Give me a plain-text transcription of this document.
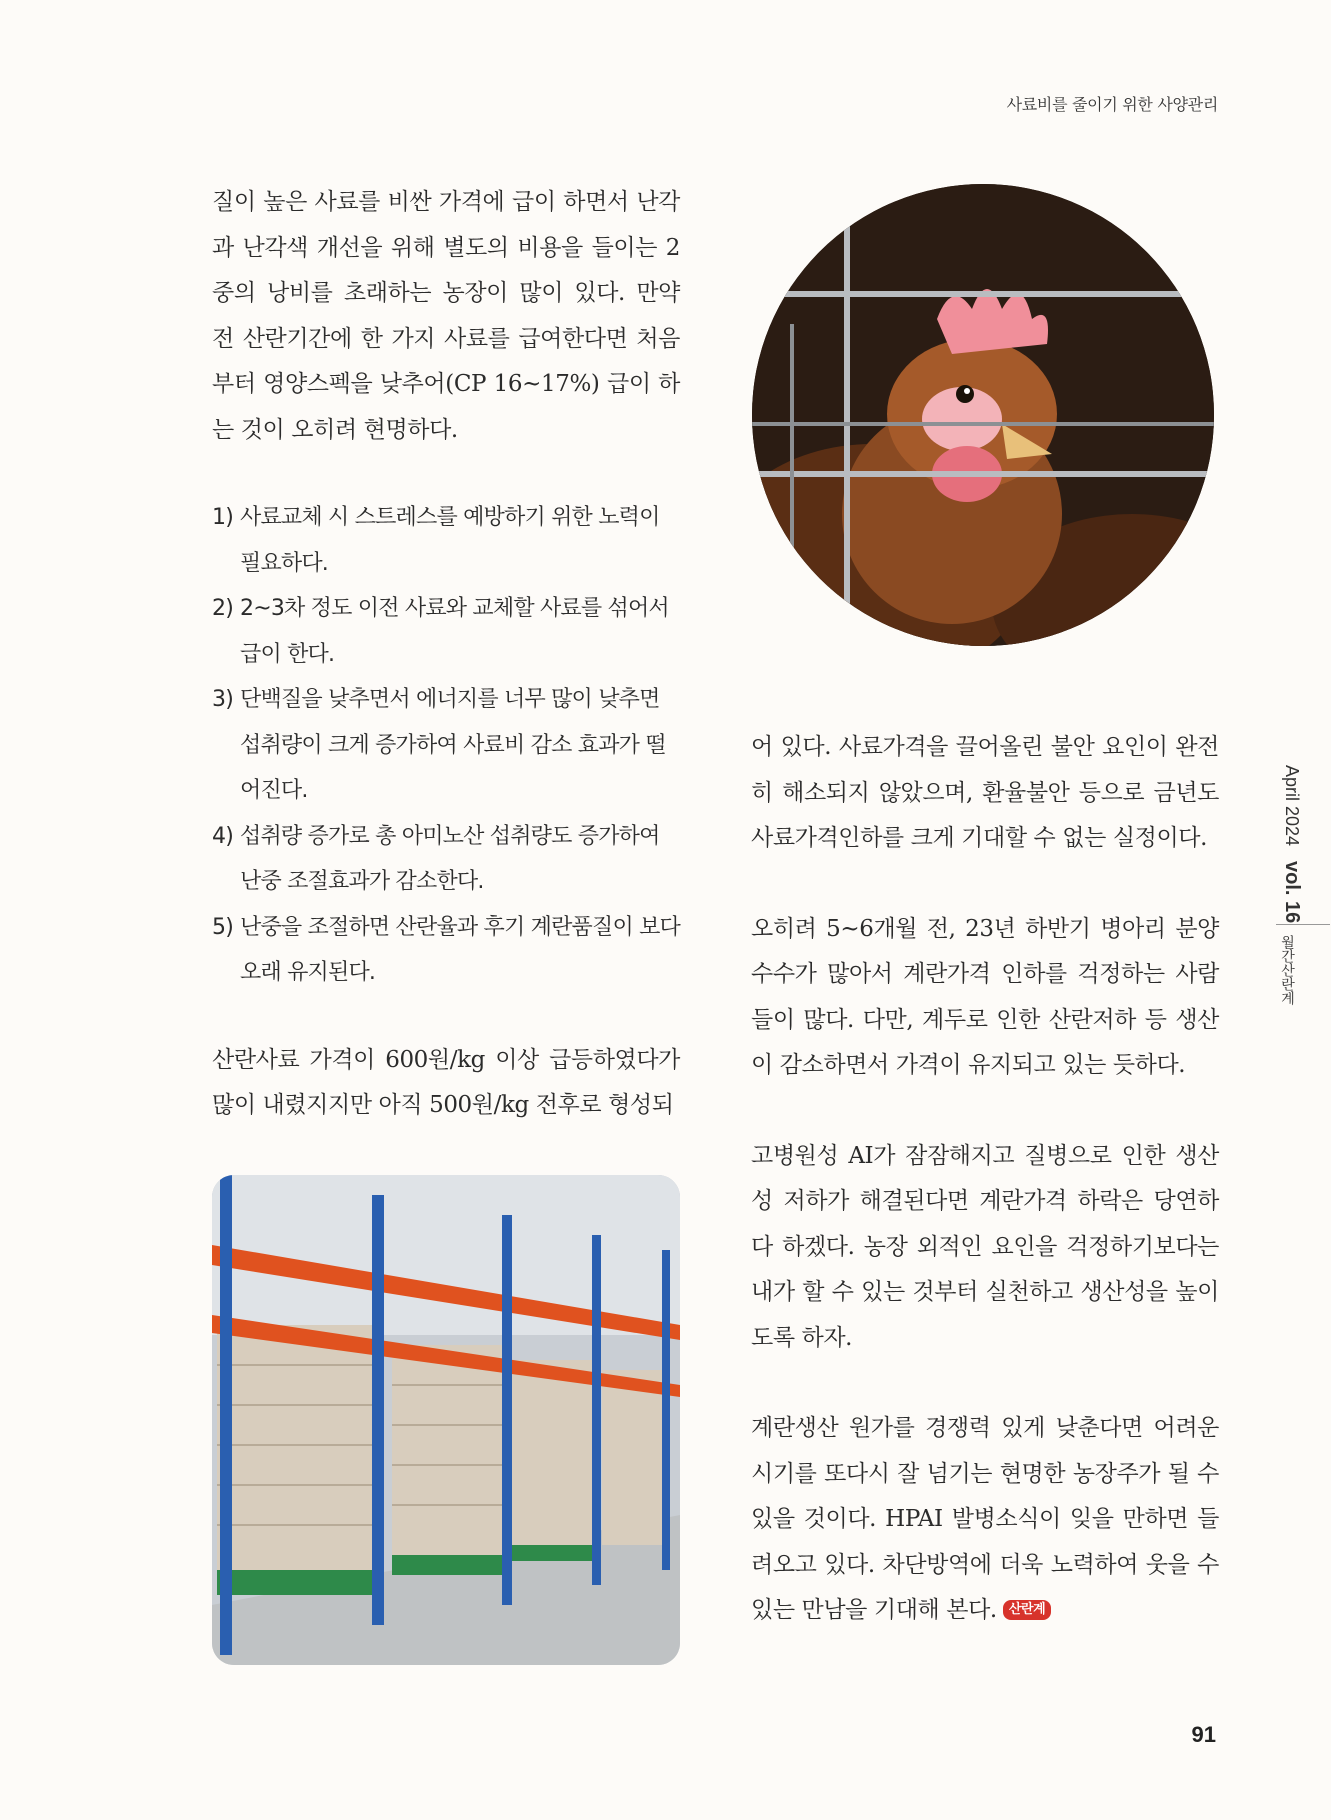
사료비를 줄이기 위한 사양관리

질이 높은 사료를 비싼 가격에 급이 하면서 난각과 난각색 개선을 위해 별도의 비용을 들이는 2중의 낭비를 초래하는 농장이 많이 있다. 만약 전 산란기간에 한 가지 사료를 급여한다면 처음부터 영양스펙을 낮추어(CP 16~17%) 급이 하는 것이 오히려 현명하다.

1) 사료교체 시 스트레스를 예방하기 위한 노력이 필요하다.
2) 2~3차 정도 이전 사료와 교체할 사료를 섞어서 급이 한다.
3) 단백질을 낮추면서 에너지를 너무 많이 낮추면 섭취량이 크게 증가하여 사료비 감소 효과가 떨어진다.
4) 섭취량 증가로 총 아미노산 섭취량도 증가하여 난중 조절효과가 감소한다.
5) 난중을 조절하면 산란율과 후기 계란품질이 보다 오래 유지된다.

산란사료 가격이 600원/kg 이상 급등하였다가 많이 내렸지지만 아직 500원/kg 전후로 형성되

어 있다. 사료가격을 끌어올린 불안 요인이 완전히 해소되지 않았으며, 환율불안 등으로 금년도 사료가격인하를 크게 기대할 수 없는 실정이다.

오히려 5~6개월 전, 23년 하반기 병아리 분양수수가 많아서 계란가격 인하를 걱정하는 사람들이 많다. 다만, 계두로 인한 산란저하 등 생산이 감소하면서 가격이 유지되고 있는 듯하다.

고병원성 AI가 잠잠해지고 질병으로 인한 생산성 저하가 해결된다면 계란가격 하락은 당연하다 하겠다. 농장 외적인 요인을 걱정하기보다는 내가 할 수 있는 것부터 실천하고 생산성을 높이도록 하자.

계란생산 원가를 경쟁력 있게 낮춘다면 어려운 시기를 또다시 잘 넘기는 현명한 농장주가 될 수 있을 것이다. HPAI 발병소식이 잊을 만하면 들려오고 있다. 차단방역에 더욱 노력하여 웃을 수 있는 만남을 기대해 본다. 산란계

April 2024 vol. 16
월간산란계
91
